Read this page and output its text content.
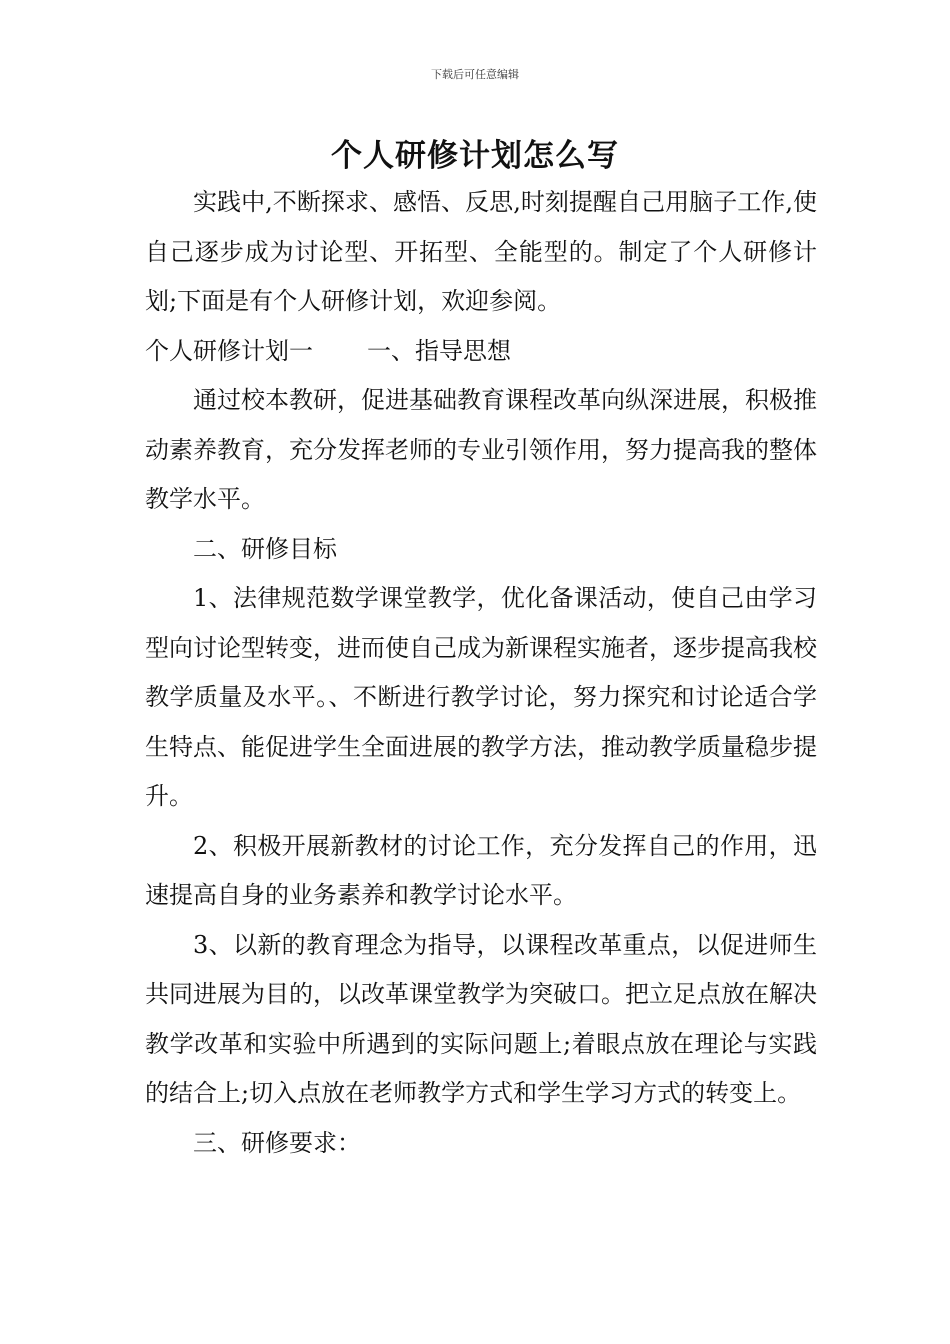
下载后可任意编辑
个人研修计划怎么写

实践中,不断探求、感悟、反思,时刻提醒自己用脑子工作,使自己逐步成为讨论型、开拓型、全能型的。制定了个人研修计划;下面是有个人研修计划，欢迎参阅。

个人研修计划一 一、指导思想

通过校本教研，促进基础教育课程改革向纵深进展，积极推动素养教育，充分发挥老师的专业引领作用，努力提高我的整体教学水平。

二、研修目标

1、法律规范数学课堂教学，优化备课活动，使自己由学习型向讨论型转变，进而使自己成为新课程实施者，逐步提高我校教学质量及水平。、不断进行教学讨论，努力探究和讨论适合学生特点、能促进学生全面进展的教学方法，推动教学质量稳步提升。

2、积极开展新教材的讨论工作，充分发挥自己的作用，迅速提高自身的业务素养和教学讨论水平。

3、以新的教育理念为指导，以课程改革重点，以促进师生共同进展为目的，以改革课堂教学为突破口。把立足点放在解决教学改革和实验中所遇到的实际问题上;着眼点放在理论与实践的结合上;切入点放在老师教学方式和学生学习方式的转变上。

三、研修要求：
